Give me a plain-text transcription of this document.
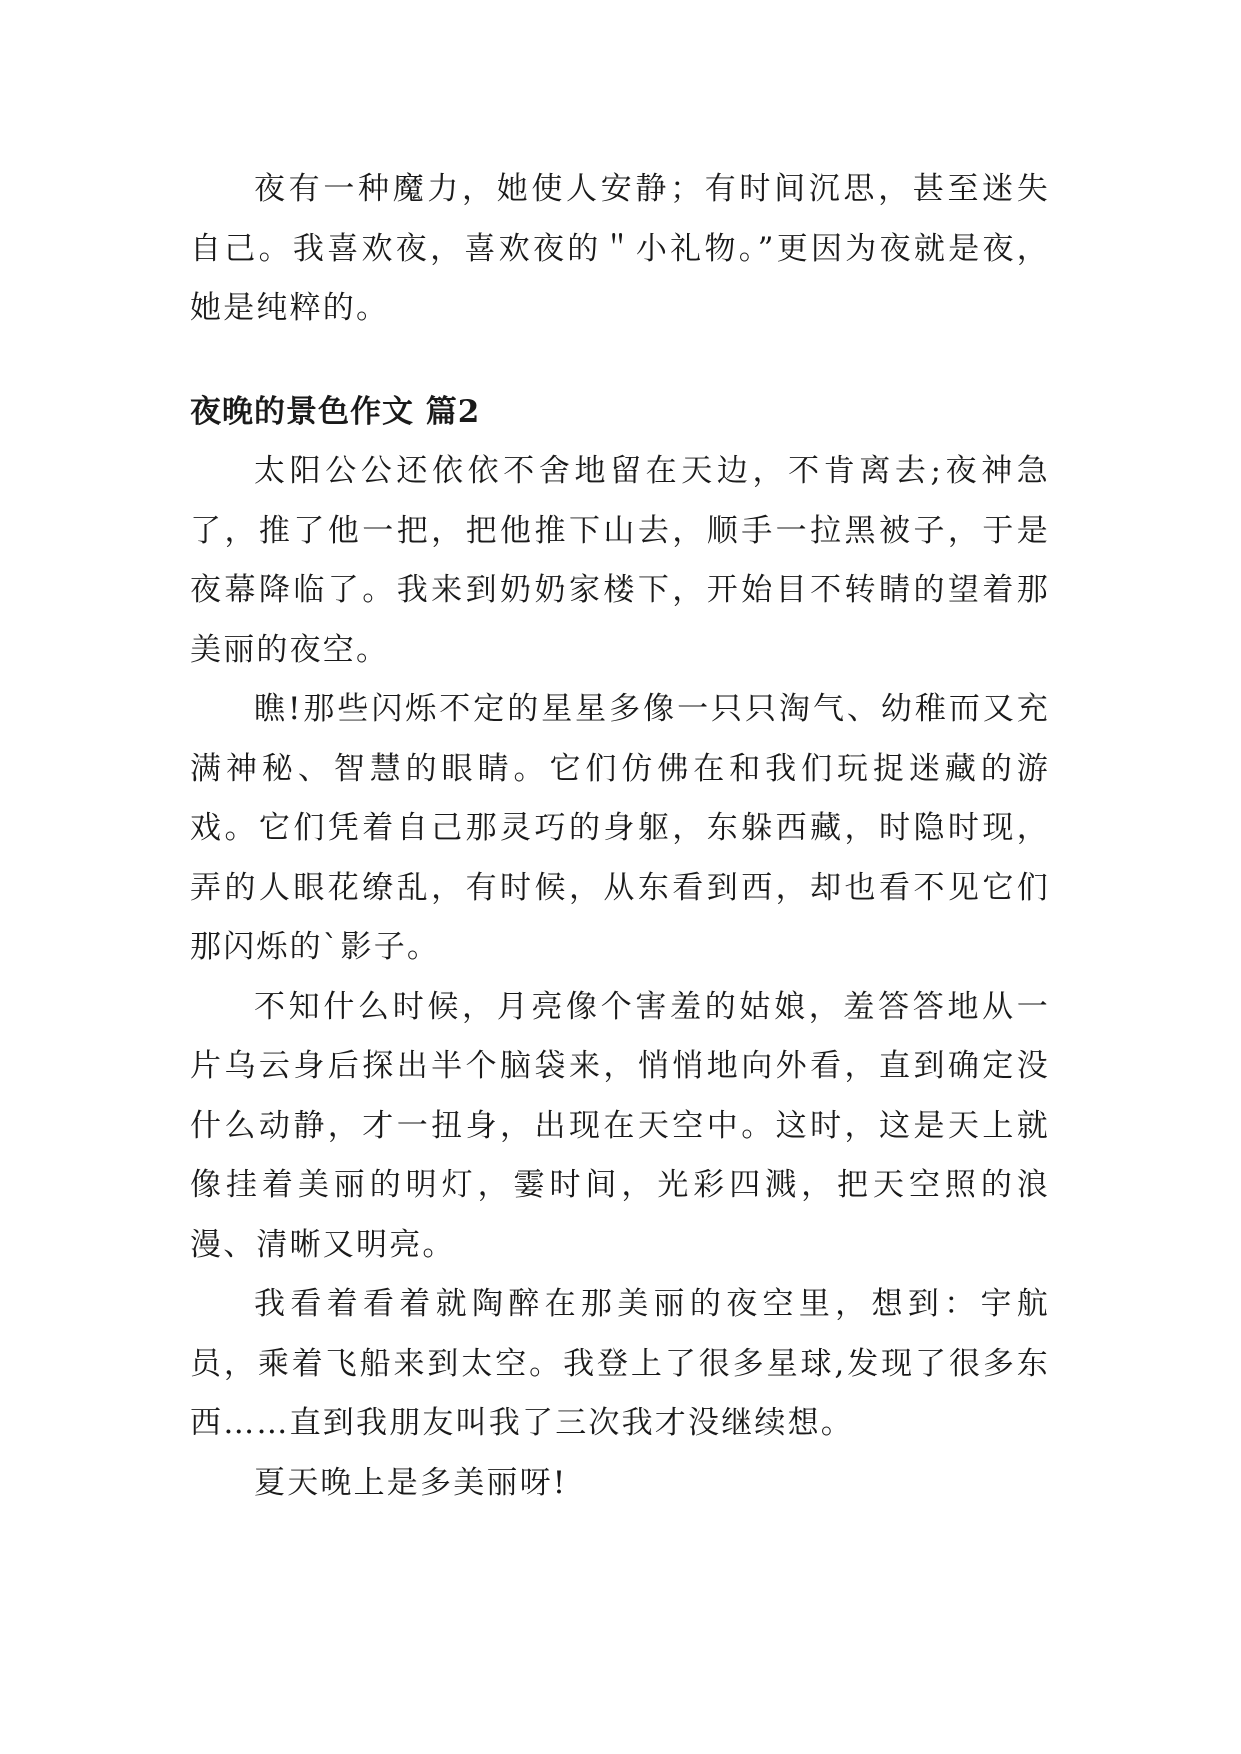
夜有一种魔力，她使人安静；有时间沉思，甚至迷失自己。我喜欢夜，喜欢夜的＂小礼物。”更因为夜就是夜，她是纯粹的。

夜晚的景色作文 篇2

太阳公公还依依不舍地留在天边，不肯离去;夜神急了，推了他一把，把他推下山去，顺手一拉黑被子，于是夜幕降临了。我来到奶奶家楼下，开始目不转睛的望着那美丽的夜空。

瞧!那些闪烁不定的星星多像一只只淘气、幼稚而又充满神秘、智慧的眼睛。它们仿佛在和我们玩捉迷藏的游戏。它们凭着自己那灵巧的身躯，东躲西藏，时隐时现，弄的人眼花缭乱，有时候，从东看到西，却也看不见它们那闪烁的`影子。

不知什么时候，月亮像个害羞的姑娘，羞答答地从一片乌云身后探出半个脑袋来，悄悄地向外看，直到确定没什么动静，才一扭身，出现在天空中。这时，这是天上就像挂着美丽的明灯，霎时间，光彩四溅，把天空照的浪漫、清晰又明亮。

我看着看着就陶醉在那美丽的夜空里，想到：宇航员，乘着飞船来到太空。我登上了很多星球,发现了很多东西……直到我朋友叫我了三次我才没继续想。

夏天晚上是多美丽呀!
